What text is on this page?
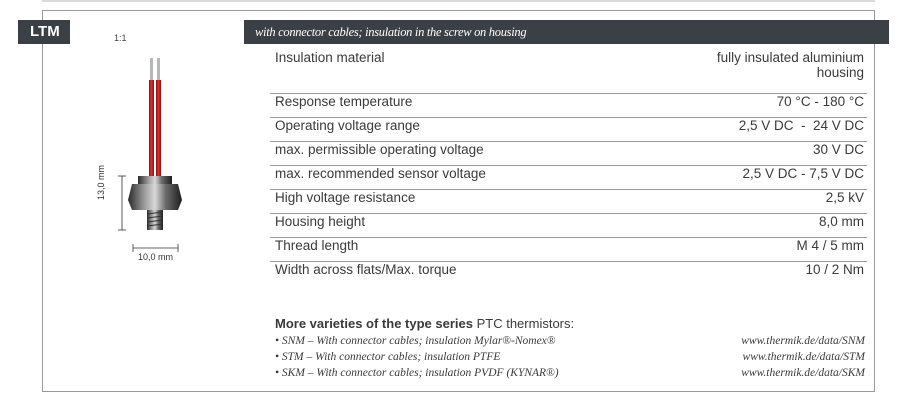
LTM	1:1	with connector cables; insulation in the screw on housing
13,0 mm
10,0 mm
Insulation material	fully insulated aluminium
housing

Response temperature	70 °C - 180 °C
Operating voltage range	2,5 V DC  -  24 V DC
max. permissible operating voltage	30 V DC
max. recommended sensor voltage	2,5 V DC - 7,5 V DC
High voltage resistance	2,5 kV
Housing height	8,0 mm
Thread length	M 4 / 5 mm
Width across flats/Max. torque	10 / 2 Nm
More varieties of the type series PTC thermistors:
• SNM – With connector cables; insulation Mylar®-Nomex®	www.thermik.de/data/SNM
• STM – With connector cables; insulation PTFE	www.thermik.de/data/STM
• SKM – With connector cables; insulation PVDF (KYNAR®)	www.thermik.de/data/SKM
